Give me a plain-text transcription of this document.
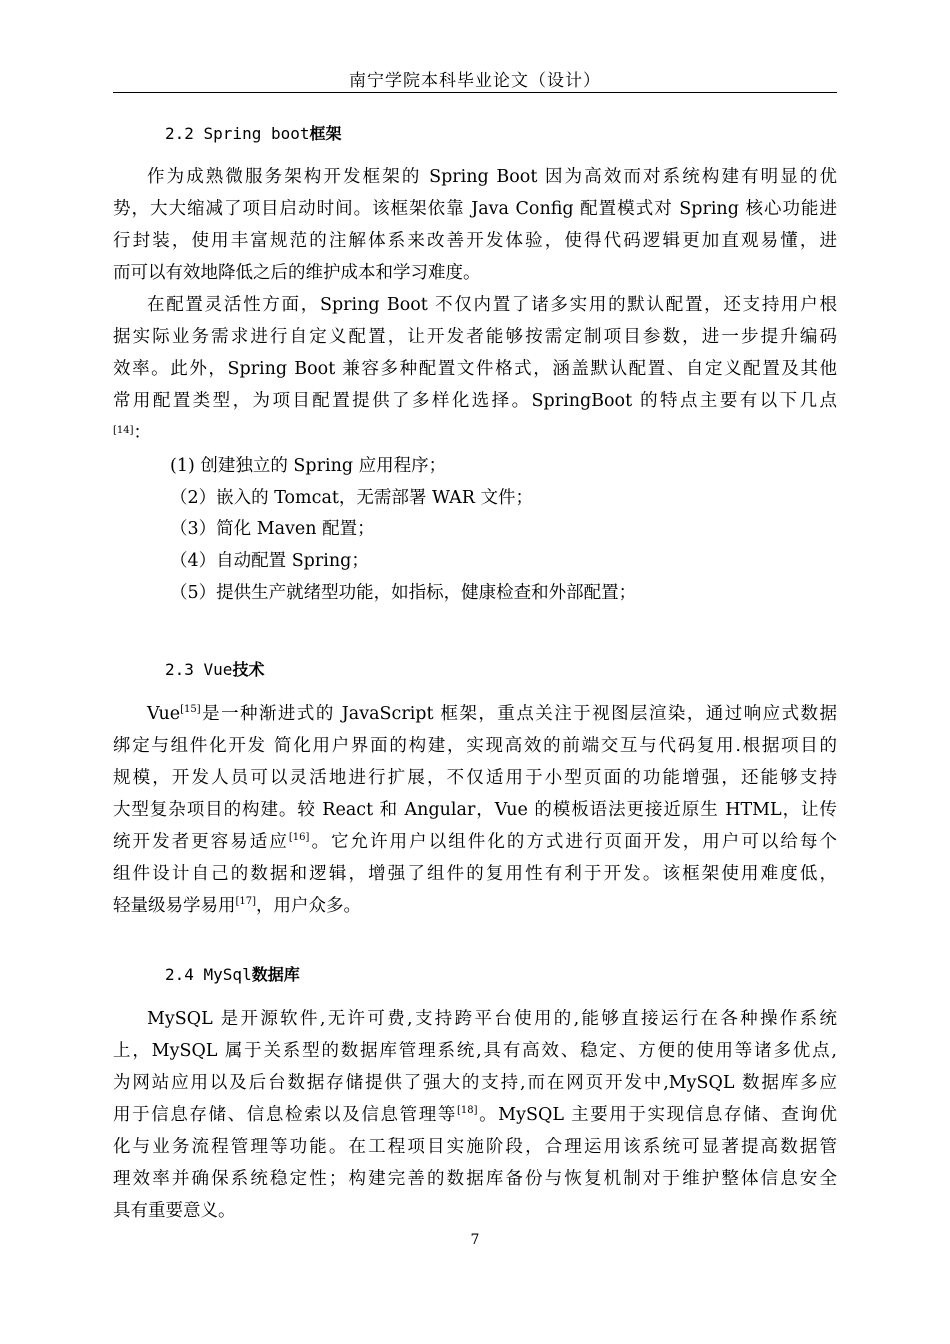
南宁学院本科毕业论文（设计）
2.2 Spring boot框架
作为成熟微服务架构开发框架的 Spring Boot 因为高效而对系统构建有明显的优
势，大大缩减了项目启动时间。该框架依靠 Java Config 配置模式对 Spring 核心功能进
行封装，使用丰富规范的注解体系来改善开发体验，使得代码逻辑更加直观易懂，进
而可以有效地降低之后的维护成本和学习难度。
在配置灵活性方面，Spring Boot 不仅内置了诸多实用的默认配置，还支持用户根
据实际业务需求进行自定义配置，让开发者能够按需定制项目参数，进一步提升编码
效率。此外，Spring Boot 兼容多种配置文件格式，涵盖默认配置、自定义配置及其他
常用配置类型，为项目配置提供了多样化选择。SpringBoot 的特点主要有以下几点
[14]：
(1) 创建独立的 Spring 应用程序；
（2）嵌入的 Tomcat，无需部署 WAR 文件；
（3）简化 Maven 配置；
（4）自动配置 Spring；
（5）提供生产就绪型功能，如指标，健康检查和外部配置；
2.3 Vue技术
Vue[15]是一种渐进式的 JavaScript 框架，重点关注于视图层渲染，通过响应式数据
绑定与组件化开发 简化用户界面的构建，实现高效的前端交互与代码复用.根据项目的
规模，开发人员可以灵活地进行扩展，不仅适用于小型页面的功能增强，还能够支持
大型复杂项目的构建。较 React 和 Angular，Vue 的模板语法更接近原生 HTML，让传
统开发者更容易适应[16]。它允许用户以组件化的方式进行页面开发，用户可以给每个
组件设计自己的数据和逻辑，增强了组件的复用性有利于开发。该框架使用难度低，
轻量级易学易用[17]，用户众多。
2.4 MySql数据库
MySQL 是开源软件,无许可费,支持跨平台使用的,能够直接运行在各种操作系统
上，MySQL 属于关系型的数据库管理系统,具有高效、稳定、方便的使用等诸多优点,
为网站应用以及后台数据存储提供了强大的支持,而在网页开发中,MySQL 数据库多应
用于信息存储、信息检索以及信息管理等[18]。MySQL 主要用于实现信息存储、查询优
化与业务流程管理等功能。在工程项目实施阶段，合理运用该系统可显著提高数据管
理效率并确保系统稳定性；构建完善的数据库备份与恢复机制对于维护整体信息安全
具有重要意义。
7
